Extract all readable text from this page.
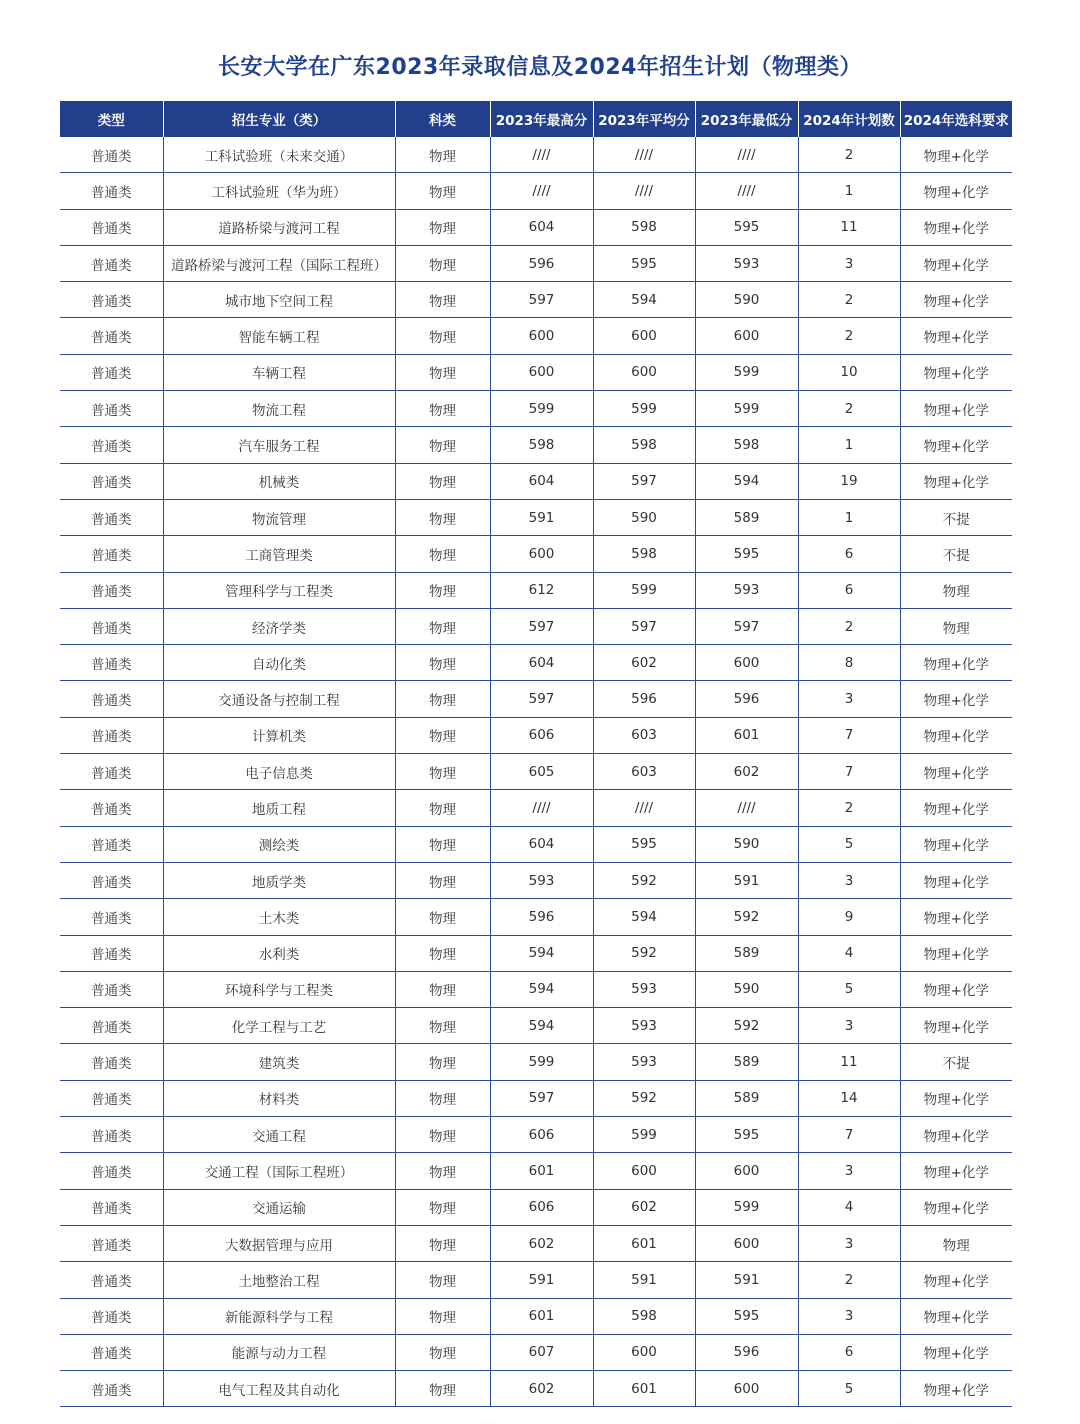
长安大学在广东2023年录取信息及2024年招生计划（物理类）
类型	招生专业（类）	科类	2023年最高分	2023年平均分	2023年最低分	2024年计划数	2024年选科要求
普通类	工科试验班（未来交通）	物理	////	////	////	2	物理+化学
普通类	工科试验班（华为班）	物理	////	////	////	1	物理+化学
普通类	道路桥梁与渡河工程	物理	604	598	595	11	物理+化学
普通类	道路桥梁与渡河工程（国际工程班）	物理	596	595	593	3	物理+化学
普通类	城市地下空间工程	物理	597	594	590	2	物理+化学
普通类	智能车辆工程	物理	600	600	600	2	物理+化学
普通类	车辆工程	物理	600	600	599	10	物理+化学
普通类	物流工程	物理	599	599	599	2	物理+化学
普通类	汽车服务工程	物理	598	598	598	1	物理+化学
普通类	机械类	物理	604	597	594	19	物理+化学
普通类	物流管理	物理	591	590	589	1	不提
普通类	工商管理类	物理	600	598	595	6	不提
普通类	管理科学与工程类	物理	612	599	593	6	物理
普通类	经济学类	物理	597	597	597	2	物理
普通类	自动化类	物理	604	602	600	8	物理+化学
普通类	交通设备与控制工程	物理	597	596	596	3	物理+化学
普通类	计算机类	物理	606	603	601	7	物理+化学
普通类	电子信息类	物理	605	603	602	7	物理+化学
普通类	地质工程	物理	////	////	////	2	物理+化学
普通类	测绘类	物理	604	595	590	5	物理+化学
普通类	地质学类	物理	593	592	591	3	物理+化学
普通类	土木类	物理	596	594	592	9	物理+化学
普通类	水利类	物理	594	592	589	4	物理+化学
普通类	环境科学与工程类	物理	594	593	590	5	物理+化学
普通类	化学工程与工艺	物理	594	593	592	3	物理+化学
普通类	建筑类	物理	599	593	589	11	不提
普通类	材料类	物理	597	592	589	14	物理+化学
普通类	交通工程	物理	606	599	595	7	物理+化学
普通类	交通工程（国际工程班）	物理	601	600	600	3	物理+化学
普通类	交通运输	物理	606	602	599	4	物理+化学
普通类	大数据管理与应用	物理	602	601	600	3	物理
普通类	土地整治工程	物理	591	591	591	2	物理+化学
普通类	新能源科学与工程	物理	601	598	595	3	物理+化学
普通类	能源与动力工程	物理	607	600	596	6	物理+化学
普通类	电气工程及其自动化	物理	602	601	600	5	物理+化学
